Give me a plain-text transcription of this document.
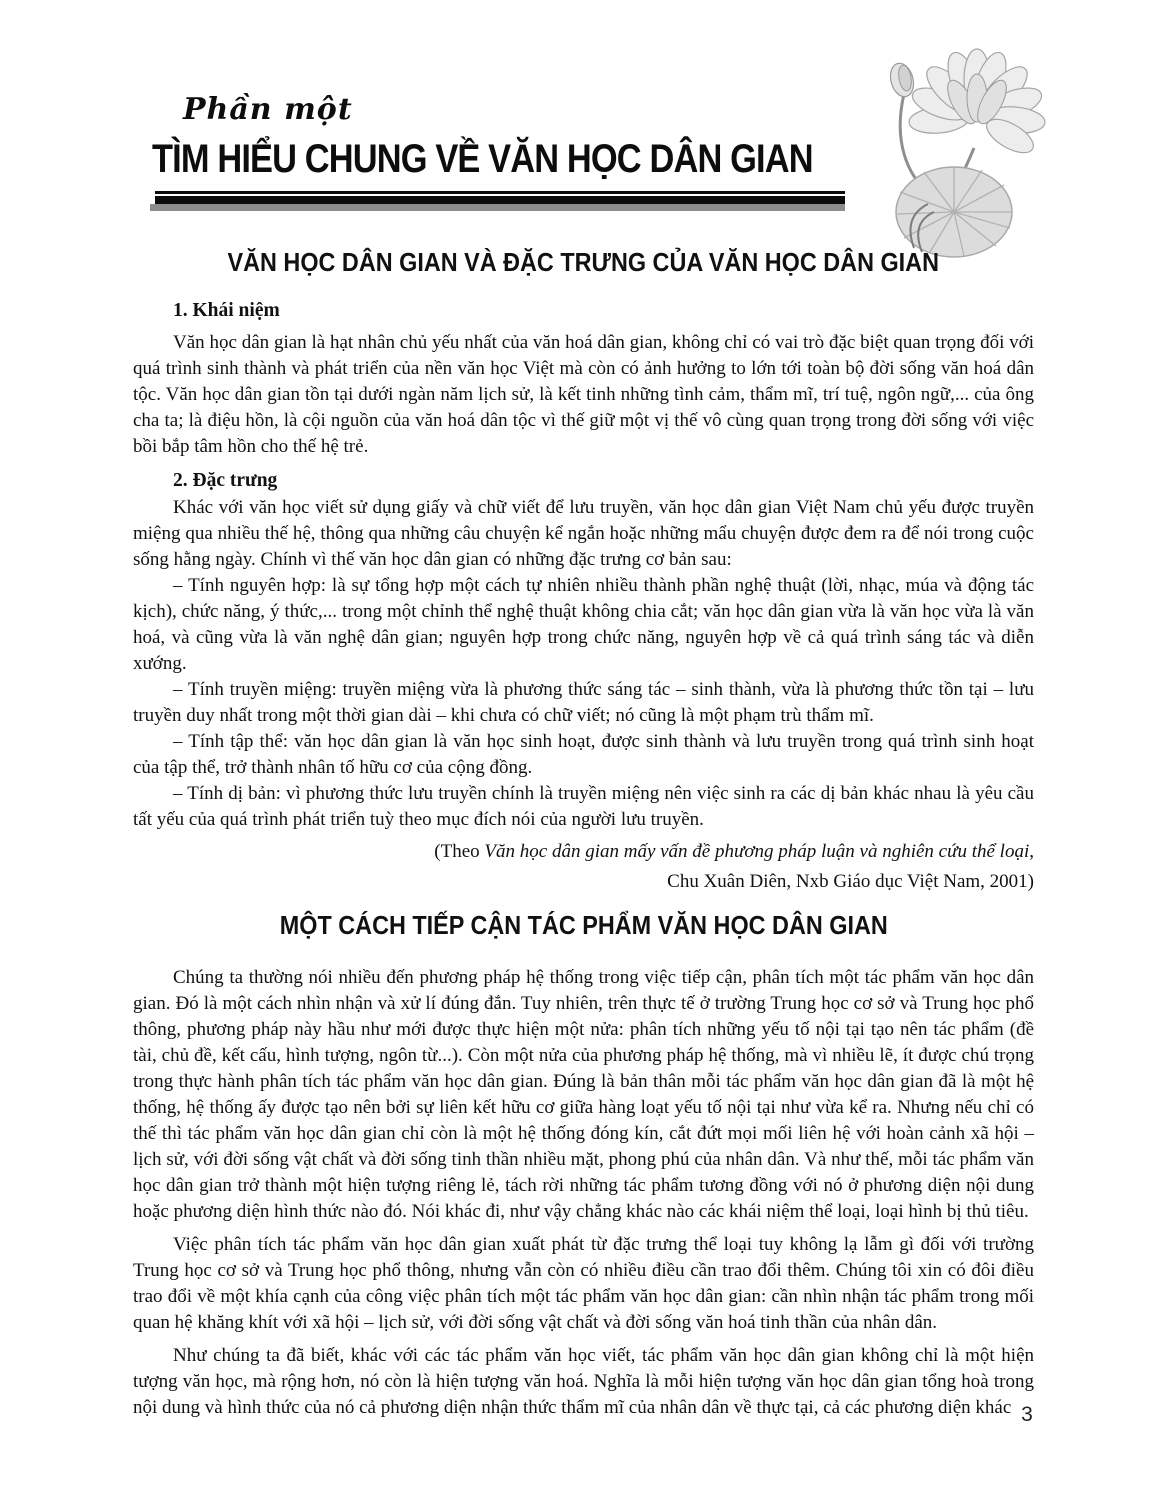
Phần một
TÌM HIỂU CHUNG VỀ VĂN HỌC DÂN GIAN
VĂN HỌC DÂN GIAN VÀ ĐẶC TRƯNG CỦA VĂN HỌC DÂN GIAN

1. Khái niệm

Văn học dân gian là hạt nhân chủ yếu nhất của văn hoá dân gian, không chỉ có vai trò đặc biệt quan trọng đối với quá trình sinh thành và phát triển của nền văn học Việt mà còn có ảnh hưởng to lớn tới toàn bộ đời sống văn hoá dân tộc. Văn học dân gian tồn tại dưới ngàn năm lịch sử, là kết tinh những tình cảm, thẩm mĩ, trí tuệ, ngôn ngữ,... của ông cha ta; là điệu hồn, là cội nguồn của văn hoá dân tộc vì thế giữ một vị thế vô cùng quan trọng trong đời sống với việc bồi bắp tâm hồn cho thế hệ trẻ.

2. Đặc trưng

Khác với văn học viết sử dụng giấy và chữ viết để lưu truyền, văn học dân gian Việt Nam chủ yếu được truyền miệng qua nhiều thế hệ, thông qua những câu chuyện kể ngắn hoặc những mẩu chuyện được đem ra để nói trong cuộc sống hằng ngày. Chính vì thế văn học dân gian có những đặc trưng cơ bản sau:

– Tính nguyên hợp: là sự tổng hợp một cách tự nhiên nhiều thành phần nghệ thuật (lời, nhạc, múa và động tác kịch), chức năng, ý thức,... trong một chỉnh thể nghệ thuật không chia cắt; văn học dân gian vừa là văn học vừa là văn hoá, và cũng vừa là văn nghệ dân gian; nguyên hợp trong chức năng, nguyên hợp về cả quá trình sáng tác và diễn xướng.

– Tính truyền miệng: truyền miệng vừa là phương thức sáng tác – sinh thành, vừa là phương thức tồn tại – lưu truyền duy nhất trong một thời gian dài – khi chưa có chữ viết; nó cũng là một phạm trù thẩm mĩ.

– Tính tập thể: văn học dân gian là văn học sinh hoạt, được sinh thành và lưu truyền trong quá trình sinh hoạt của tập thể, trở thành nhân tố hữu cơ của cộng đồng.

– Tính dị bản: vì phương thức lưu truyền chính là truyền miệng nên việc sinh ra các dị bản khác nhau là yêu cầu tất yếu của quá trình phát triển tuỳ theo mục đích nói của người lưu truyền.

(Theo Văn học dân gian mấy vấn đề phương pháp luận và nghiên cứu thể loại,
Chu Xuân Diên, Nxb Giáo dục Việt Nam, 2001)

MỘT CÁCH TIẾP CẬN TÁC PHẨM VĂN HỌC DÂN GIAN

Chúng ta thường nói nhiều đến phương pháp hệ thống trong việc tiếp cận, phân tích một tác phẩm văn học dân gian. Đó là một cách nhìn nhận và xử lí đúng đắn. Tuy nhiên, trên thực tế ở trường Trung học cơ sở và Trung học phổ thông, phương pháp này hầu như mới được thực hiện một nửa: phân tích những yếu tố nội tại tạo nên tác phẩm (đề tài, chủ đề, kết cấu, hình tượng, ngôn từ...). Còn một nửa của phương pháp hệ thống, mà vì nhiều lẽ, ít được chú trọng trong thực hành phân tích tác phẩm văn học dân gian. Đúng là bản thân mỗi tác phẩm văn học dân gian đã là một hệ thống, hệ thống ấy được tạo nên bởi sự liên kết hữu cơ giữa hàng loạt yếu tố nội tại như vừa kể ra. Nhưng nếu chỉ có thế thì tác phẩm văn học dân gian chỉ còn là một hệ thống đóng kín, cắt đứt mọi mối liên hệ với hoàn cảnh xã hội – lịch sử, với đời sống vật chất và đời sống tinh thần nhiều mặt, phong phú của nhân dân. Và như thế, mỗi tác phẩm văn học dân gian trở thành một hiện tượng riêng lẻ, tách rời những tác phẩm tương đồng với nó ở phương diện nội dung hoặc phương diện hình thức nào đó. Nói khác đi, như vậy chẳng khác nào các khái niệm thể loại, loại hình bị thủ tiêu.

Việc phân tích tác phẩm văn học dân gian xuất phát từ đặc trưng thể loại tuy không lạ lẫm gì đối với trường Trung học cơ sở và Trung học phổ thông, nhưng vẫn còn có nhiều điều cần trao đổi thêm. Chúng tôi xin có đôi điều trao đổi về một khía cạnh của công việc phân tích một tác phẩm văn học dân gian: cần nhìn nhận tác phẩm trong mối quan hệ khăng khít với xã hội – lịch sử, với đời sống vật chất và đời sống văn hoá tinh thần của nhân dân.

Như chúng ta đã biết, khác với các tác phẩm văn học viết, tác phẩm văn học dân gian không chỉ là một hiện tượng văn học, mà rộng hơn, nó còn là hiện tượng văn hoá. Nghĩa là mỗi hiện tượng văn học dân gian tổng hoà trong nội dung và hình thức của nó cả phương diện nhận thức thẩm mĩ của nhân dân về thực tại, cả các phương diện khác 3
